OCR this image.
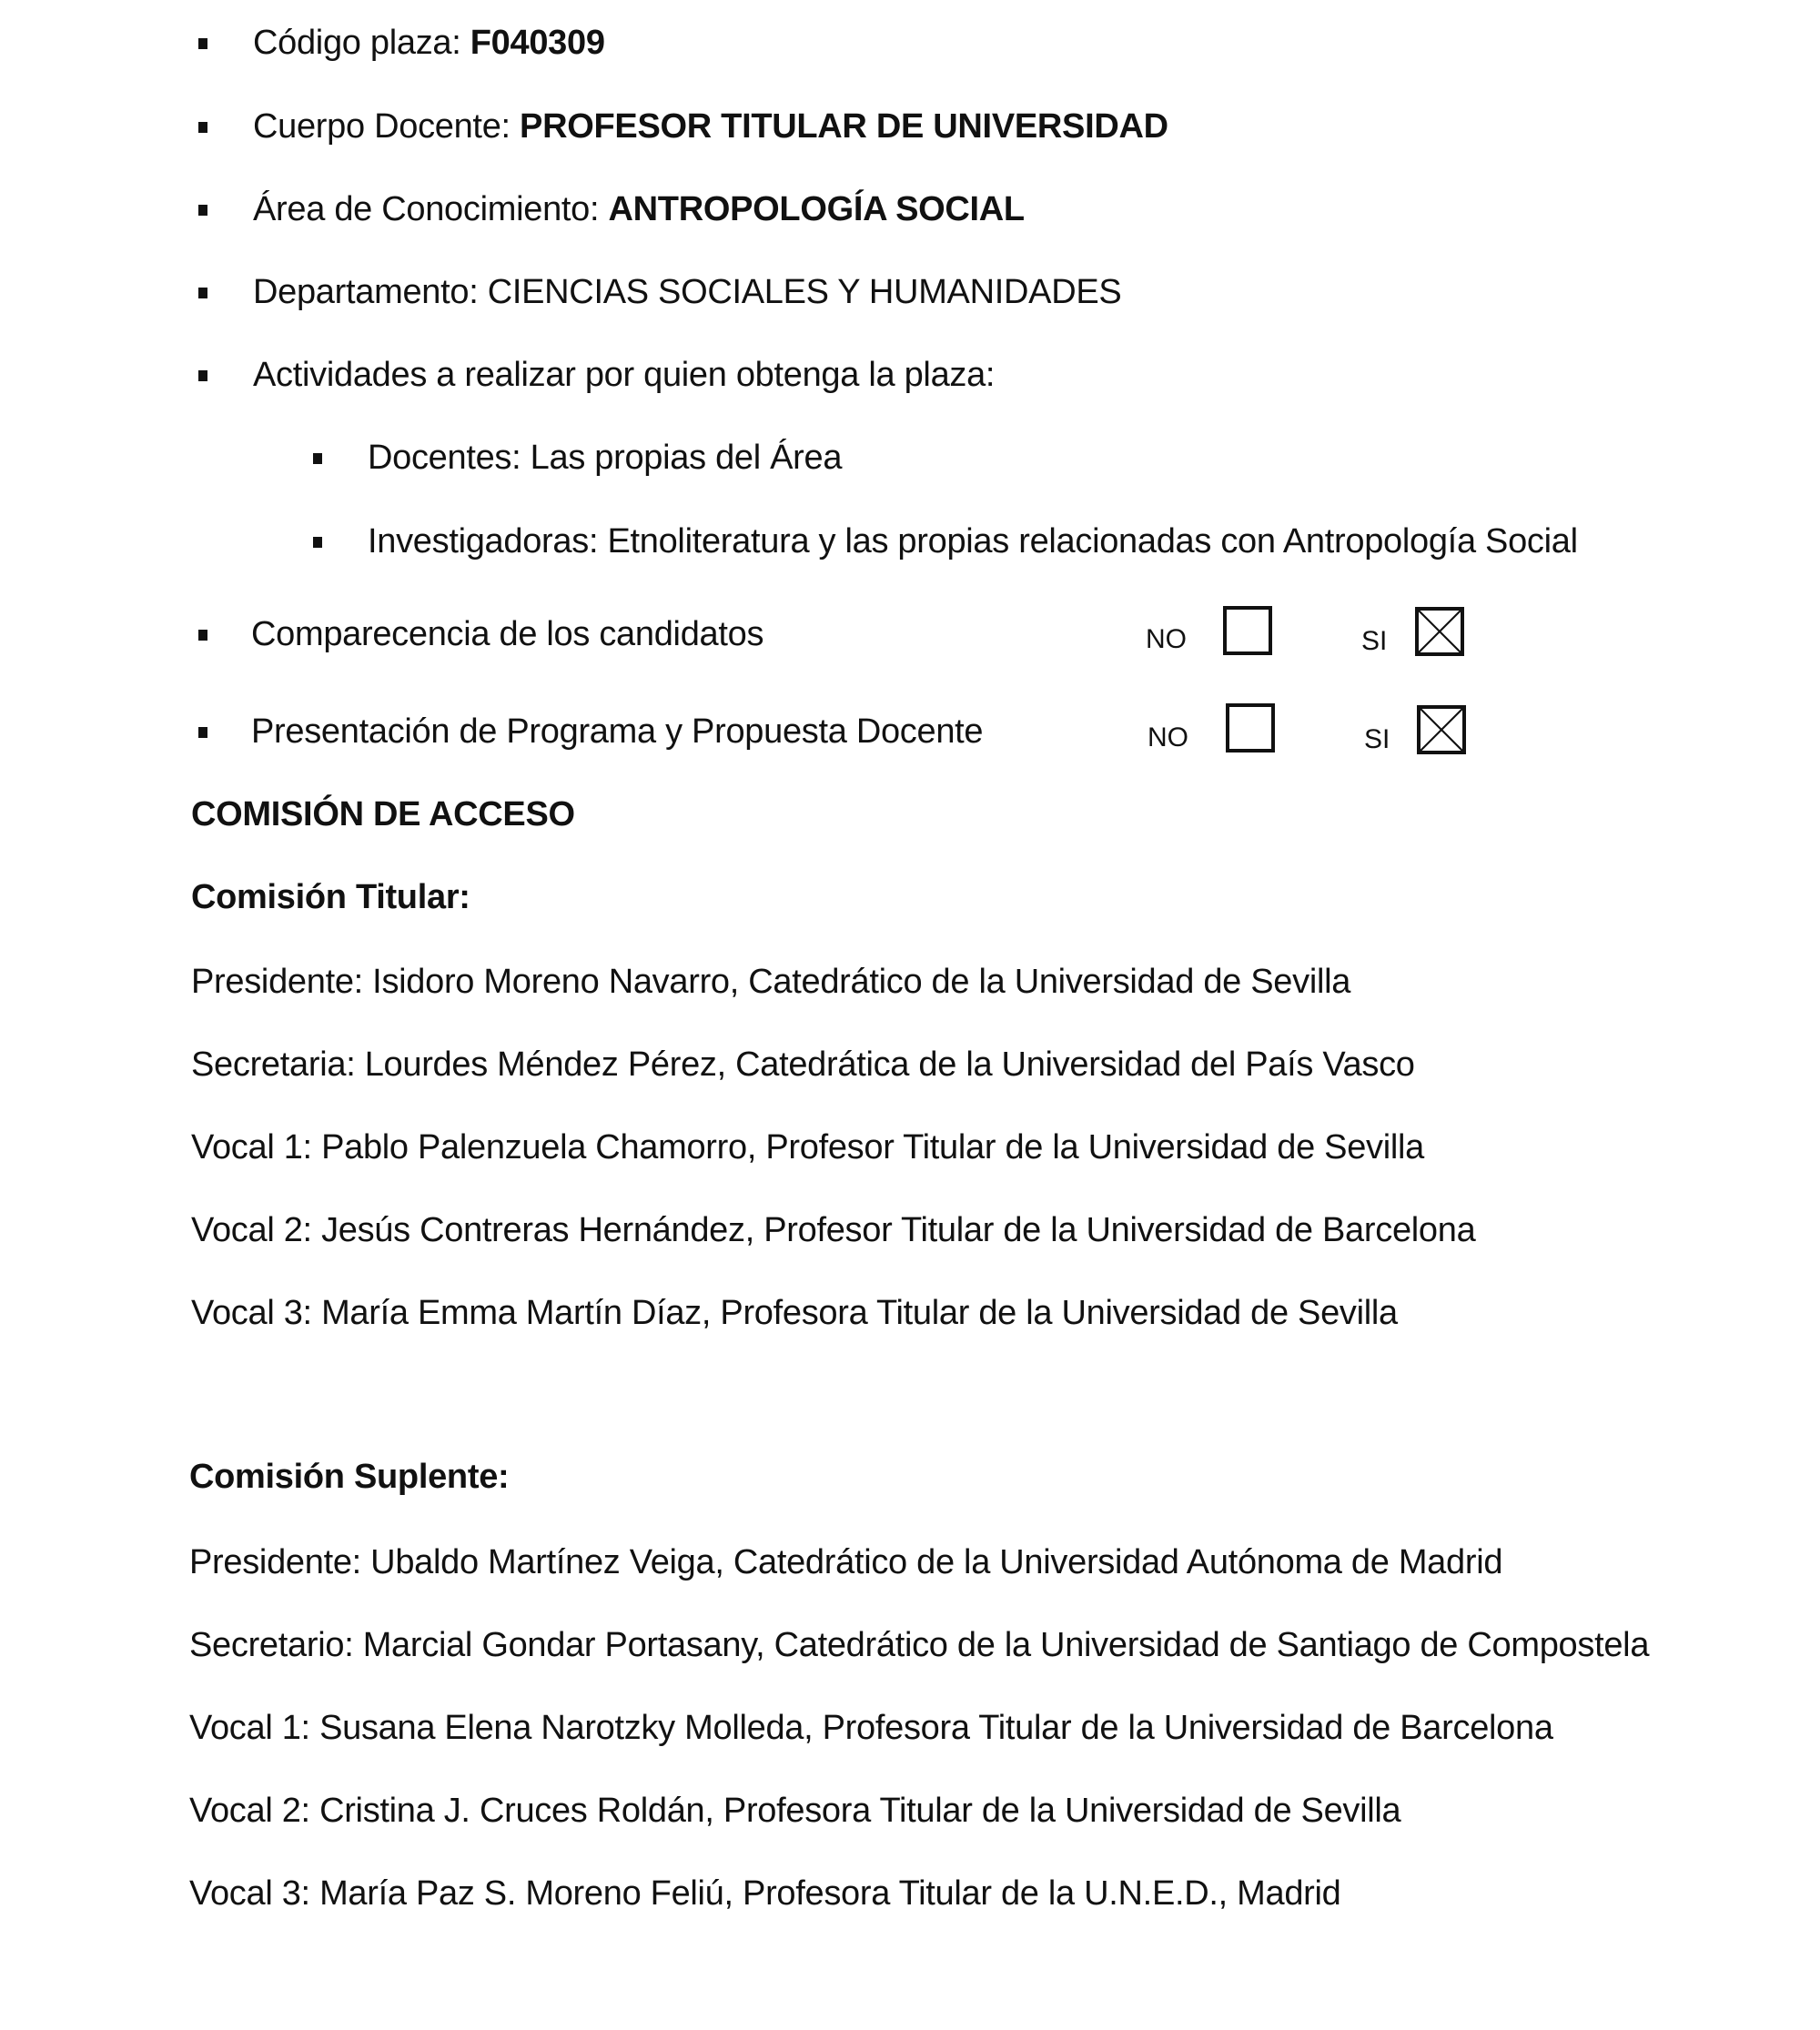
Código plaza: F040309
Cuerpo Docente: PROFESOR TITULAR DE UNIVERSIDAD
Área de Conocimiento: ANTROPOLOGÍA SOCIAL
Departamento: CIENCIAS SOCIALES Y HUMANIDADES
Actividades a realizar por quien obtenga la plaza:
Docentes: Las propias del Área
Investigadoras: Etnoliteratura y las propias relacionadas con Antropología Social
Comparecencia de los candidatos	NO	SI
Presentación de Programa y Propuesta Docente	NO	SI
COMISIÓN DE ACCESO
Comisión Titular:
Presidente: Isidoro Moreno Navarro, Catedrático de la Universidad de Sevilla
Secretaria: Lourdes Méndez Pérez, Catedrática de la Universidad del País Vasco
Vocal 1: Pablo Palenzuela Chamorro, Profesor Titular de la Universidad de Sevilla
Vocal 2: Jesús Contreras Hernández, Profesor Titular de la Universidad de Barcelona
Vocal 3: María Emma Martín Díaz, Profesora Titular de la Universidad de Sevilla
Comisión Suplente:
Presidente: Ubaldo Martínez Veiga, Catedrático de la Universidad Autónoma de Madrid
Secretario: Marcial Gondar Portasany, Catedrático de la Universidad de Santiago de Compostela
Vocal 1: Susana Elena Narotzky Molleda, Profesora Titular de la Universidad de Barcelona
Vocal 2: Cristina J. Cruces Roldán, Profesora Titular de la Universidad de Sevilla
Vocal 3: María Paz S. Moreno Feliú, Profesora Titular de la U.N.E.D., Madrid
